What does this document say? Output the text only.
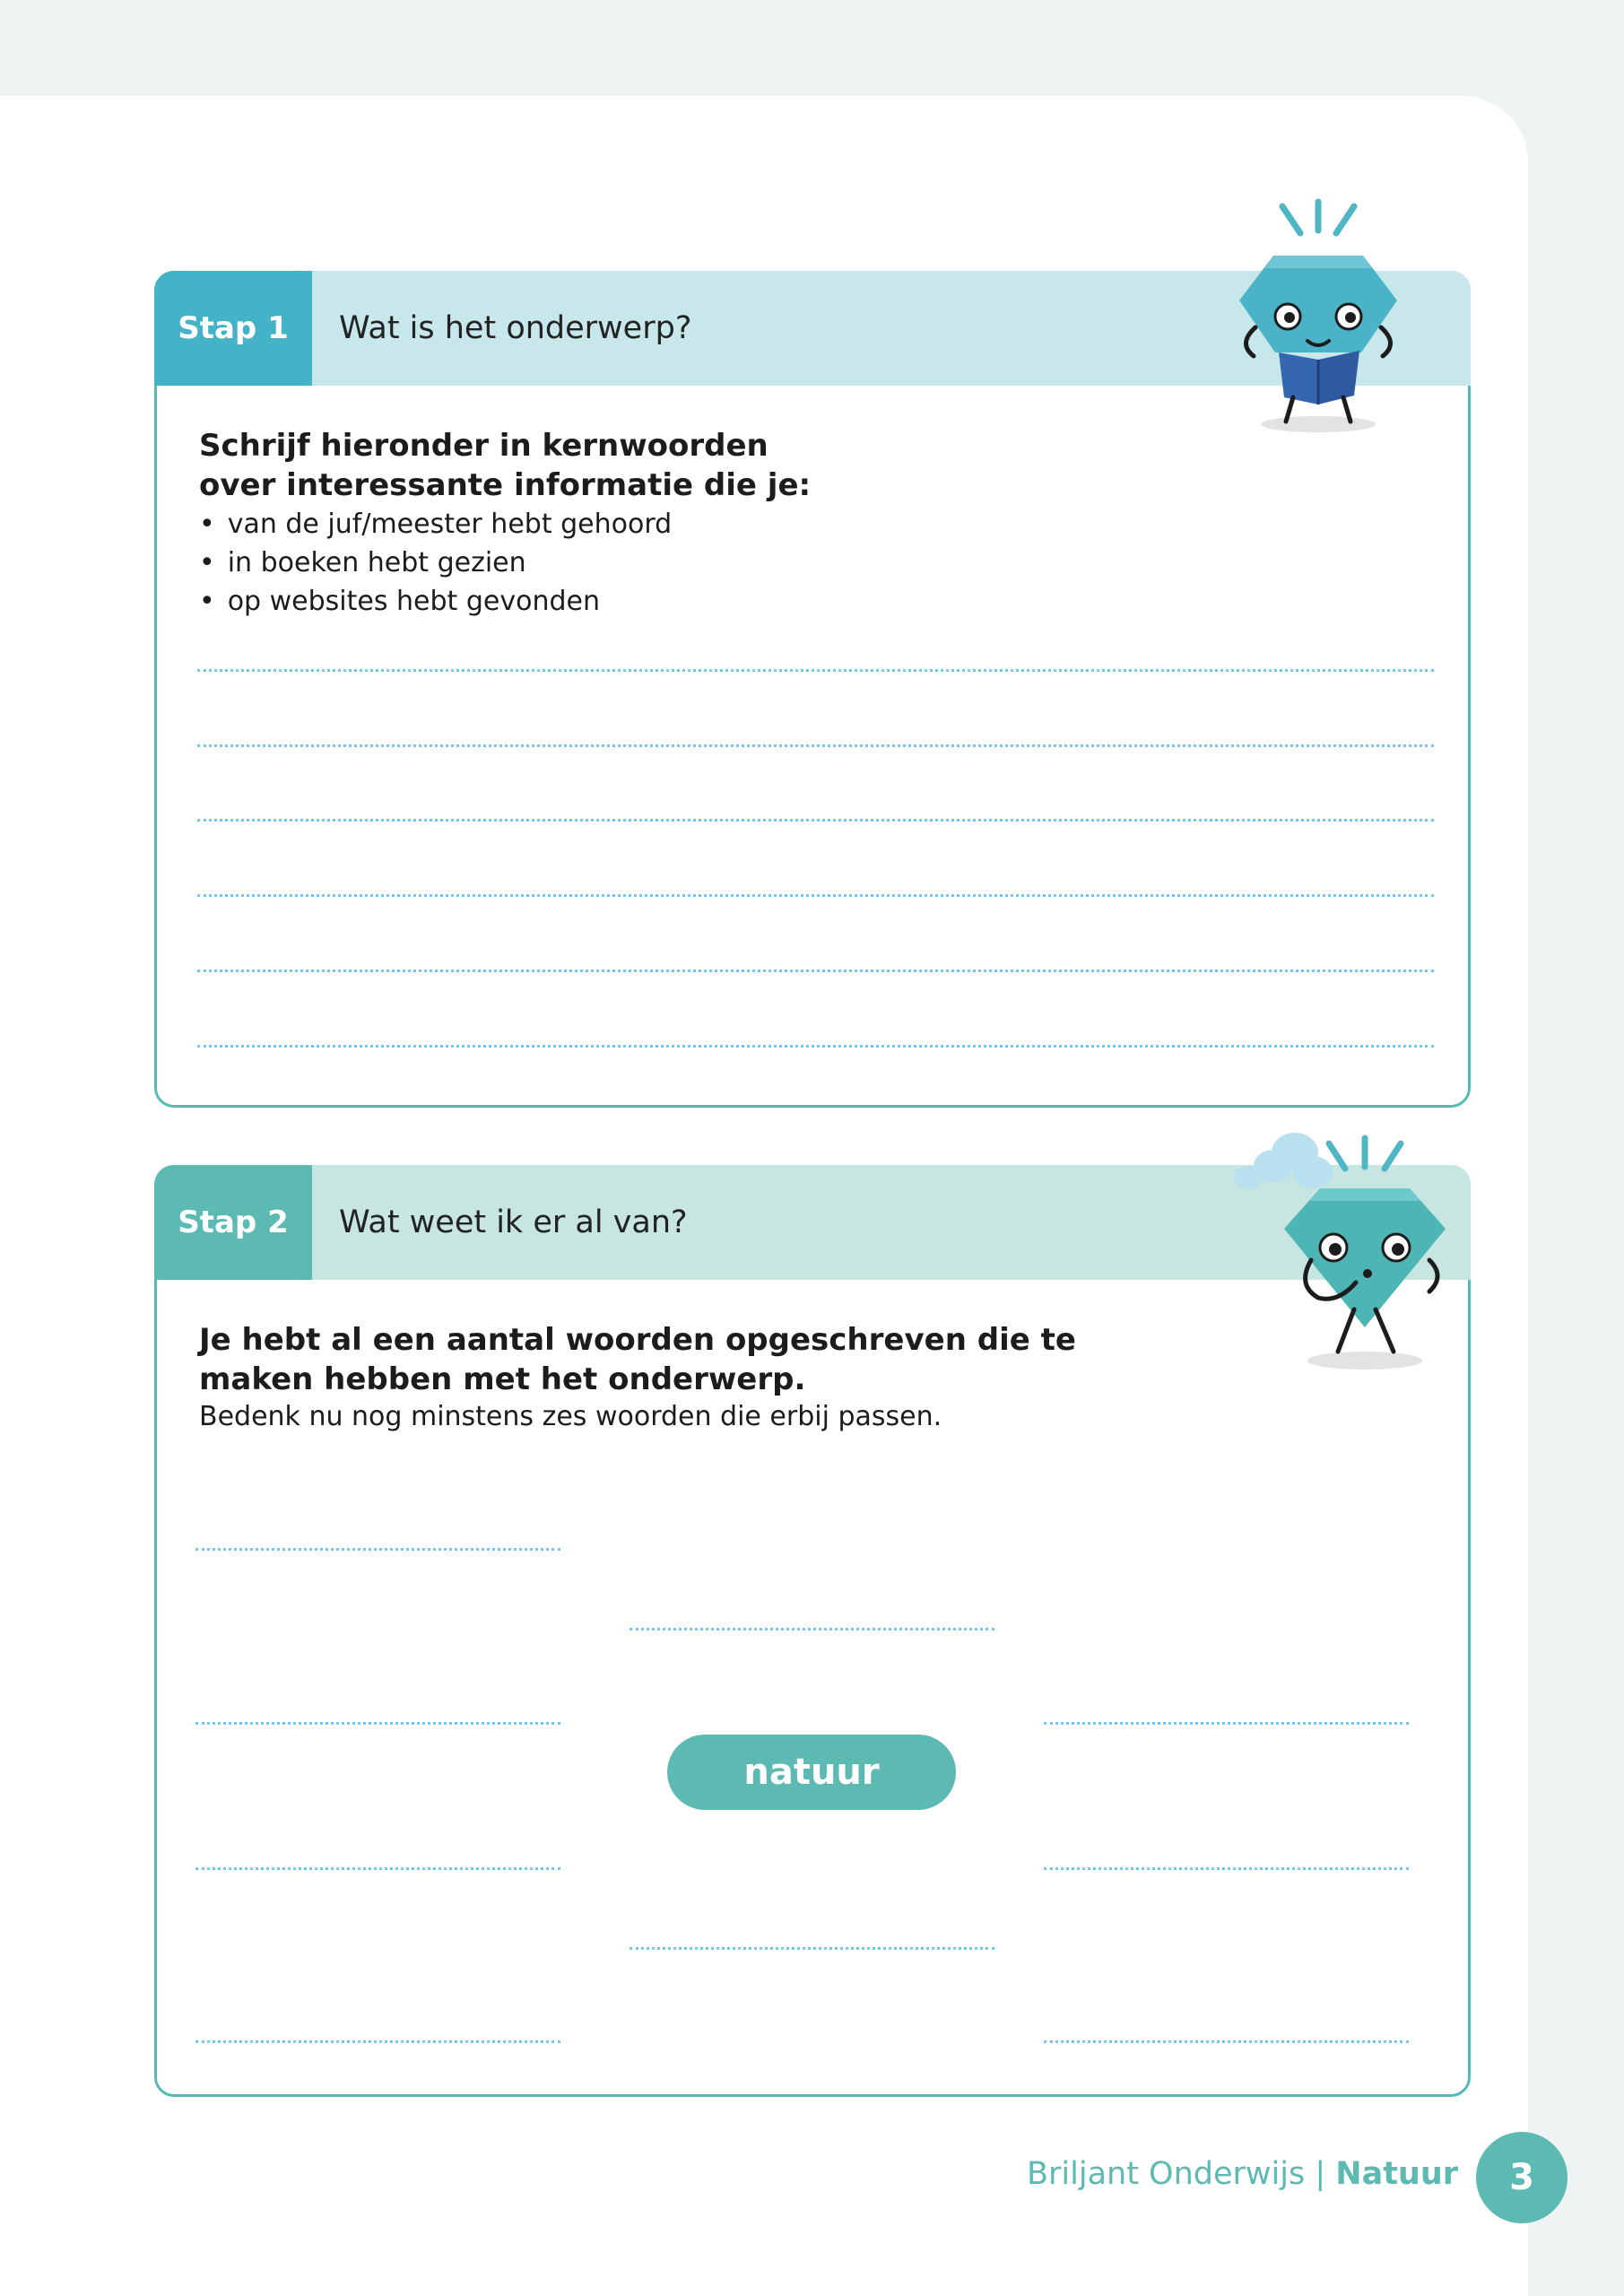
Stap 1	Wat is het onderwerp?
Schrijf hieronder in kernwoorden over interessante informatie die je:
• van de juf/meester hebt gehoord
• in boeken hebt gezien
• op websites hebt gevonden
Stap 2	Wat weet ik er al van?
Je hebt al een aantal woorden opgeschreven die te maken hebben met het onderwerp.
Bedenk nu nog minstens zes woorden die erbij passen.
natuur
Briljant Onderwijs | Natuur	3
